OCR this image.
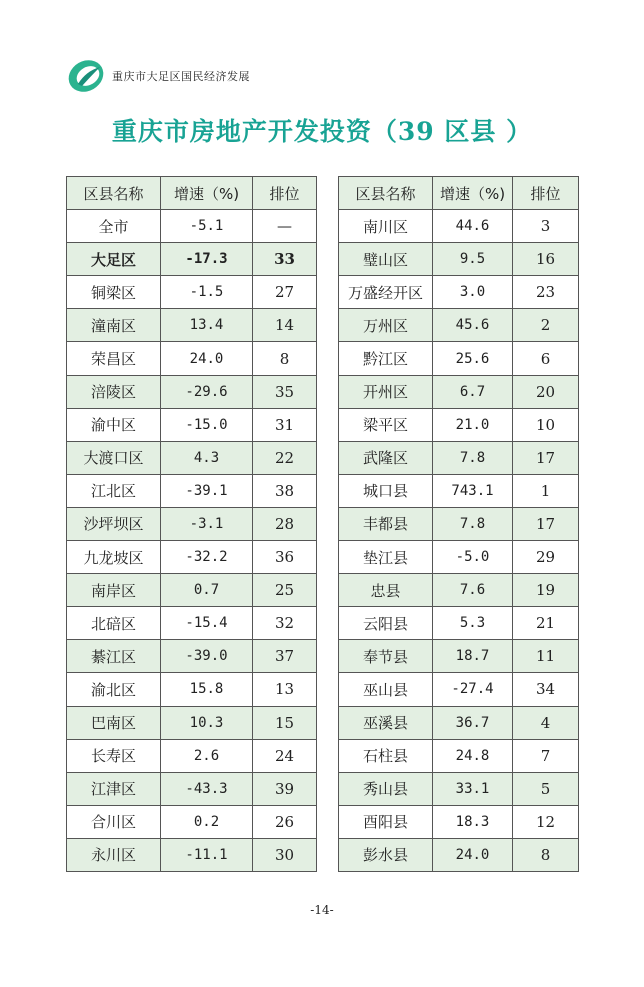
重庆市大足区国民经济发展
重庆市房地产开发投资（39 区县 ）
区县名称	增速（%)	排位
全市	-5.1	—
大足区	-17.3	33
铜梁区	-1.5	27
潼南区	13.4	14
荣昌区	24.0	8
涪陵区	-29.6	35
渝中区	-15.0	31
大渡口区	4.3	22
江北区	-39.1	38
沙坪坝区	-3.1	28
九龙坡区	-32.2	36
南岸区	0.7	25
北碚区	-15.4	32
綦江区	-39.0	37
渝北区	15.8	13
巴南区	10.3	15
长寿区	2.6	24
江津区	-43.3	39
合川区	0.2	26
永川区	-11.1	30
区县名称	增速（%)	排位
南川区	44.6	3
璧山区	9.5	16
万盛经开区	3.0	23
万州区	45.6	2
黔江区	25.6	6
开州区	6.7	20
梁平区	21.0	10
武隆区	7.8	17
城口县	743.1	1
丰都县	7.8	17
垫江县	-5.0	29
忠县	7.6	19
云阳县	5.3	21
奉节县	18.7	11
巫山县	-27.4	34
巫溪县	36.7	4
石柱县	24.8	7
秀山县	33.1	5
酉阳县	18.3	12
彭水县	24.0	8
-14-
